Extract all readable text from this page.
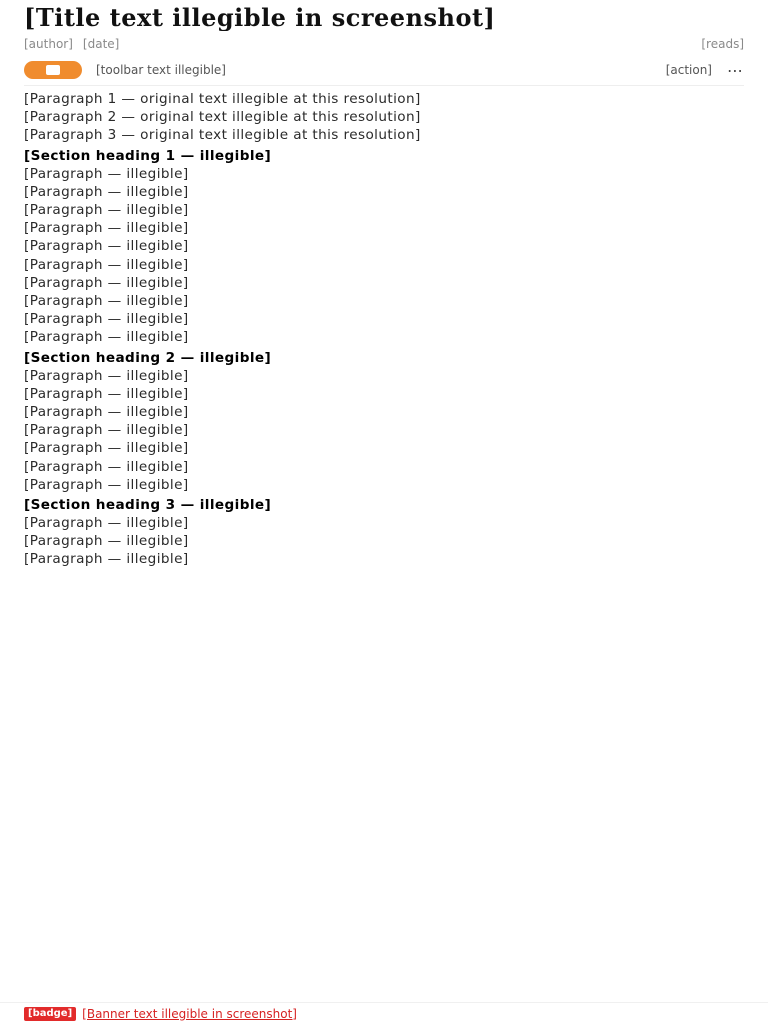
[Title text illegible in screenshot]
[author] [date]	[reads]
[toolbar text illegible]	[action] ⋯

[Paragraph 1 — original text illegible at this resolution]

[Paragraph 2 — original text illegible at this resolution]

[Paragraph 3 — original text illegible at this resolution]

[Section heading 1 — illegible]

[Paragraph — illegible]

[Paragraph — illegible]

[Paragraph — illegible]

[Paragraph — illegible]

[Paragraph — illegible]

[Paragraph — illegible]

[Paragraph — illegible]

[Paragraph — illegible]

[Paragraph — illegible]

[Paragraph — illegible]

[Section heading 2 — illegible]

[Paragraph — illegible]

[Paragraph — illegible]

[Paragraph — illegible]

[Paragraph — illegible]

[Paragraph — illegible]

[Paragraph — illegible]

[Paragraph — illegible]

[Section heading 3 — illegible]

[Paragraph — illegible]

[Paragraph — illegible]

[Paragraph — illegible]

[badge] [Banner text illegible in screenshot]
